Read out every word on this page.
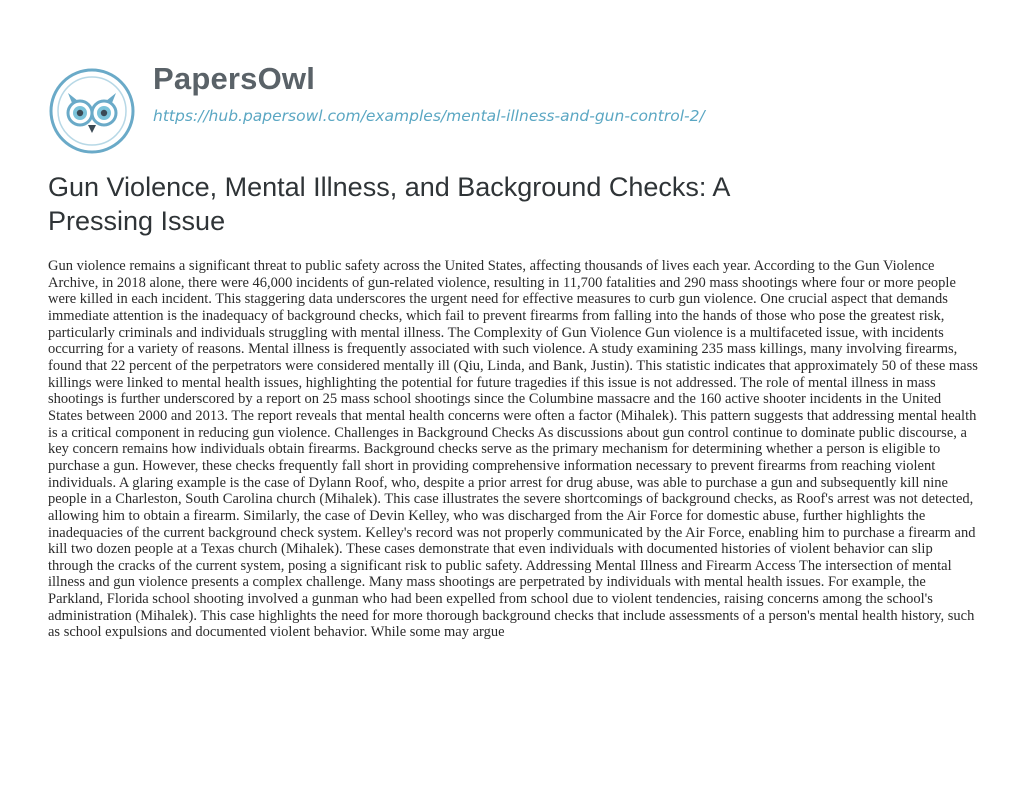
PapersOwl
https://hub.papersowl.com/examples/mental-illness-and-gun-control-2/
Gun Violence, Mental Illness, and Background Checks: A Pressing Issue

Gun violence remains a significant threat to public safety across the United States, affecting thousands of lives each year. According to the Gun Violence Archive, in 2018 alone, there were 46,000 incidents of gun-related violence, resulting in 11,700 fatalities and 290 mass shootings where four or more people were killed in each incident. This staggering data underscores the urgent need for effective measures to curb gun violence. One crucial aspect that demands immediate attention is the inadequacy of background checks, which fail to prevent firearms from falling into the hands of those who pose the greatest risk, particularly criminals and individuals struggling with mental illness. The Complexity of Gun Violence Gun violence is a multifaceted issue, with incidents occurring for a variety of reasons. Mental illness is frequently associated with such violence. A study examining 235 mass killings, many involving firearms, found that 22 percent of the perpetrators were considered mentally ill (Qiu, Linda, and Bank, Justin). This statistic indicates that approximately 50 of these mass killings were linked to mental health issues, highlighting the potential for future tragedies if this issue is not addressed. The role of mental illness in mass shootings is further underscored by a report on 25 mass school shootings since the Columbine massacre and the 160 active shooter incidents in the United States between 2000 and 2013. The report reveals that mental health concerns were often a factor (Mihalek). This pattern suggests that addressing mental health is a critical component in reducing gun violence. Challenges in Background Checks As discussions about gun control continue to dominate public discourse, a key concern remains how individuals obtain firearms. Background checks serve as the primary mechanism for determining whether a person is eligible to purchase a gun. However, these checks frequently fall short in providing comprehensive information necessary to prevent firearms from reaching violent individuals. A glaring example is the case of Dylann Roof, who, despite a prior arrest for drug abuse, was able to purchase a gun and subsequently kill nine people in a Charleston, South Carolina church (Mihalek). This case illustrates the severe shortcomings of background checks, as Roof's arrest was not detected, allowing him to obtain a firearm. Similarly, the case of Devin Kelley, who was discharged from the Air Force for domestic abuse, further highlights the inadequacies of the current background check system. Kelley's record was not properly communicated by the Air Force, enabling him to purchase a firearm and kill two dozen people at a Texas church (Mihalek). These cases demonstrate that even individuals with documented histories of violent behavior can slip through the cracks of the current system, posing a significant risk to public safety. Addressing Mental Illness and Firearm Access The intersection of mental illness and gun violence presents a complex challenge. Many mass shootings are perpetrated by individuals with mental health issues. For example, the Parkland, Florida school shooting involved a gunman who had been expelled from school due to violent tendencies, raising concerns among the school's administration (Mihalek). This case highlights the need for more thorough background checks that include assessments of a person's mental health history, such as school expulsions and documented violent behavior. While some may argue
